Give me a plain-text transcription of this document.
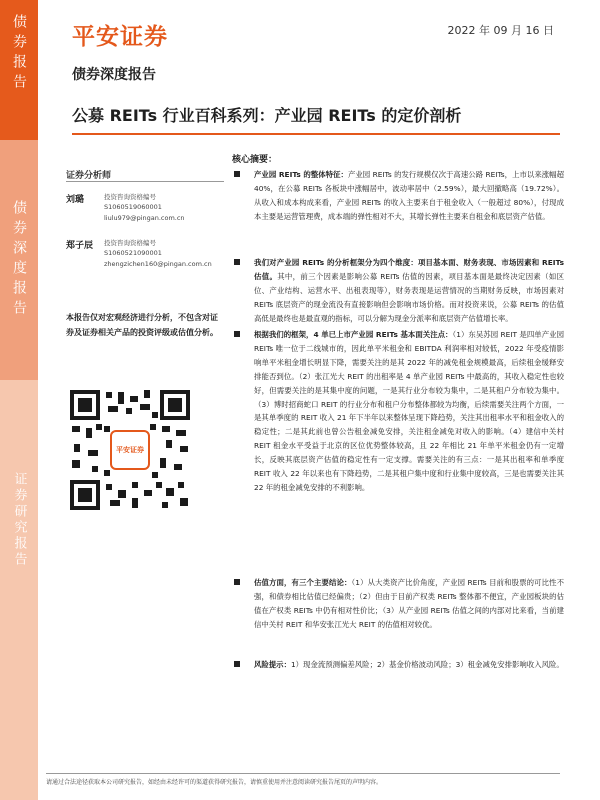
债券报告
债券深度报告
证券研究报告
平安证券	2022 年 09 月 16 日
债券深度报告
公募 REITs 行业百科系列：产业园 REITs 的定价剖析
证券分析师
刘璐	投资咨询资格编号
S1060519060001
liulu979@pingan.com.cn
郑子辰 投资咨询资格编号
S1060521090001
zhengzichen160@pingan.com.cn
本报告仅对宏观经济进行分析，不包含对证券及证券相关产品的投资评级或估值分析。
平安证券
核心摘要：
产业园 REITs 的整体特征：产业园 REITs 的发行规模仅次于高速公路 REITs，上市以来涨幅超 40%，在公募 REITs 各板块中涨幅居中，波动率居中（2.59%），最大回撤略高（19.72%）。从收入和成本构成来看，产业园 REITs 的收入主要来自于租金收入（一般超过 80%），付现成本主要是运营管理费，成本端的弹性相对不大，其增长弹性主要来自租金和底层资产估值。
我们对产业园 REITs 的分析框架分为四个维度：项目基本面、财务表现、市场因素和 REITs 估值。其中，前三个因素是影响公募 REITs 估值的因素，项目基本面是最终决定因素（如区位、产业结构、运营水平、出租表现等），财务表现是运营情况的当期财务反映，市场因素对 REITs 底层资产的现金流没有直接影响但会影响市场价格。而对投资来说，公募 REITs 的估值高低是最终也是最直观的指标，可以分解为现金分派率和底层资产估值增长率。
根据我们的框架，4 单已上市产业园 REITs 基本面关注点：（1）东吴苏园 REIT 是四单产业园 REITs 唯一位于二线城市的，因此单平米租金和 EBITDA 利润率相对较低，2022 年受疫情影响单平米租金增长明显下降，需要关注的是其 2022 年的减免租金规模最高，后续租金缓释安排能否到位。（2）张江光大 REIT 的出租率是 4 单产业园 REITs 中最高的，其收入稳定性也较好，但需要关注的是其集中度的问题，一是其行业分布较为集中，二是其租户分布较为集中。（3）博时招商蛇口 REIT 的行业分布和租户分布整体都较为均衡，后续需要关注两个方面，一是其单季度的 REIT 收入 21 年下半年以来整体呈现下降趋势，关注其出租率水平和租金收入的稳定性；二是其此前也曾公告租金减免安排，关注租金减免对收入的影响。（4）建信中关村 REIT 租金水平受益于北京的区位优势整体较高，且 22 年相比 21 年单平米租金仍有一定增长，反映其底层资产估值的稳定性有一定支撑。需要关注的有三点：一是其出租率和单季度 REIT 收入 22 年以来也有下降趋势，二是其租户集中度和行业集中度较高，三是也需要关注其 22 年的租金减免安排的不利影响。
估值方面，有三个主要结论：（1）从大类资产比价角度，产业园 REITs 目前和股票的可比性不强，和债券相比估值已经偏贵；（2）但由于目前产权类 REITs 整体都不便宜，产业园板块的估值在产权类 REITs 中仍有相对性价比；（3）从产业园 REITs 估值之间的内部对比来看，当前建信中关村 REIT 和华安张江光大 REIT 的估值相对较优。
风险提示：1）现金流预测偏差风险；2）基金价格波动风险；3）租金减免安排影响收入风险。
请通过合法途径获取本公司研究报告，如经由未经许可的渠道获得研究报告，请慎重使用并注意阅读研究报告尾页的声明内容。
